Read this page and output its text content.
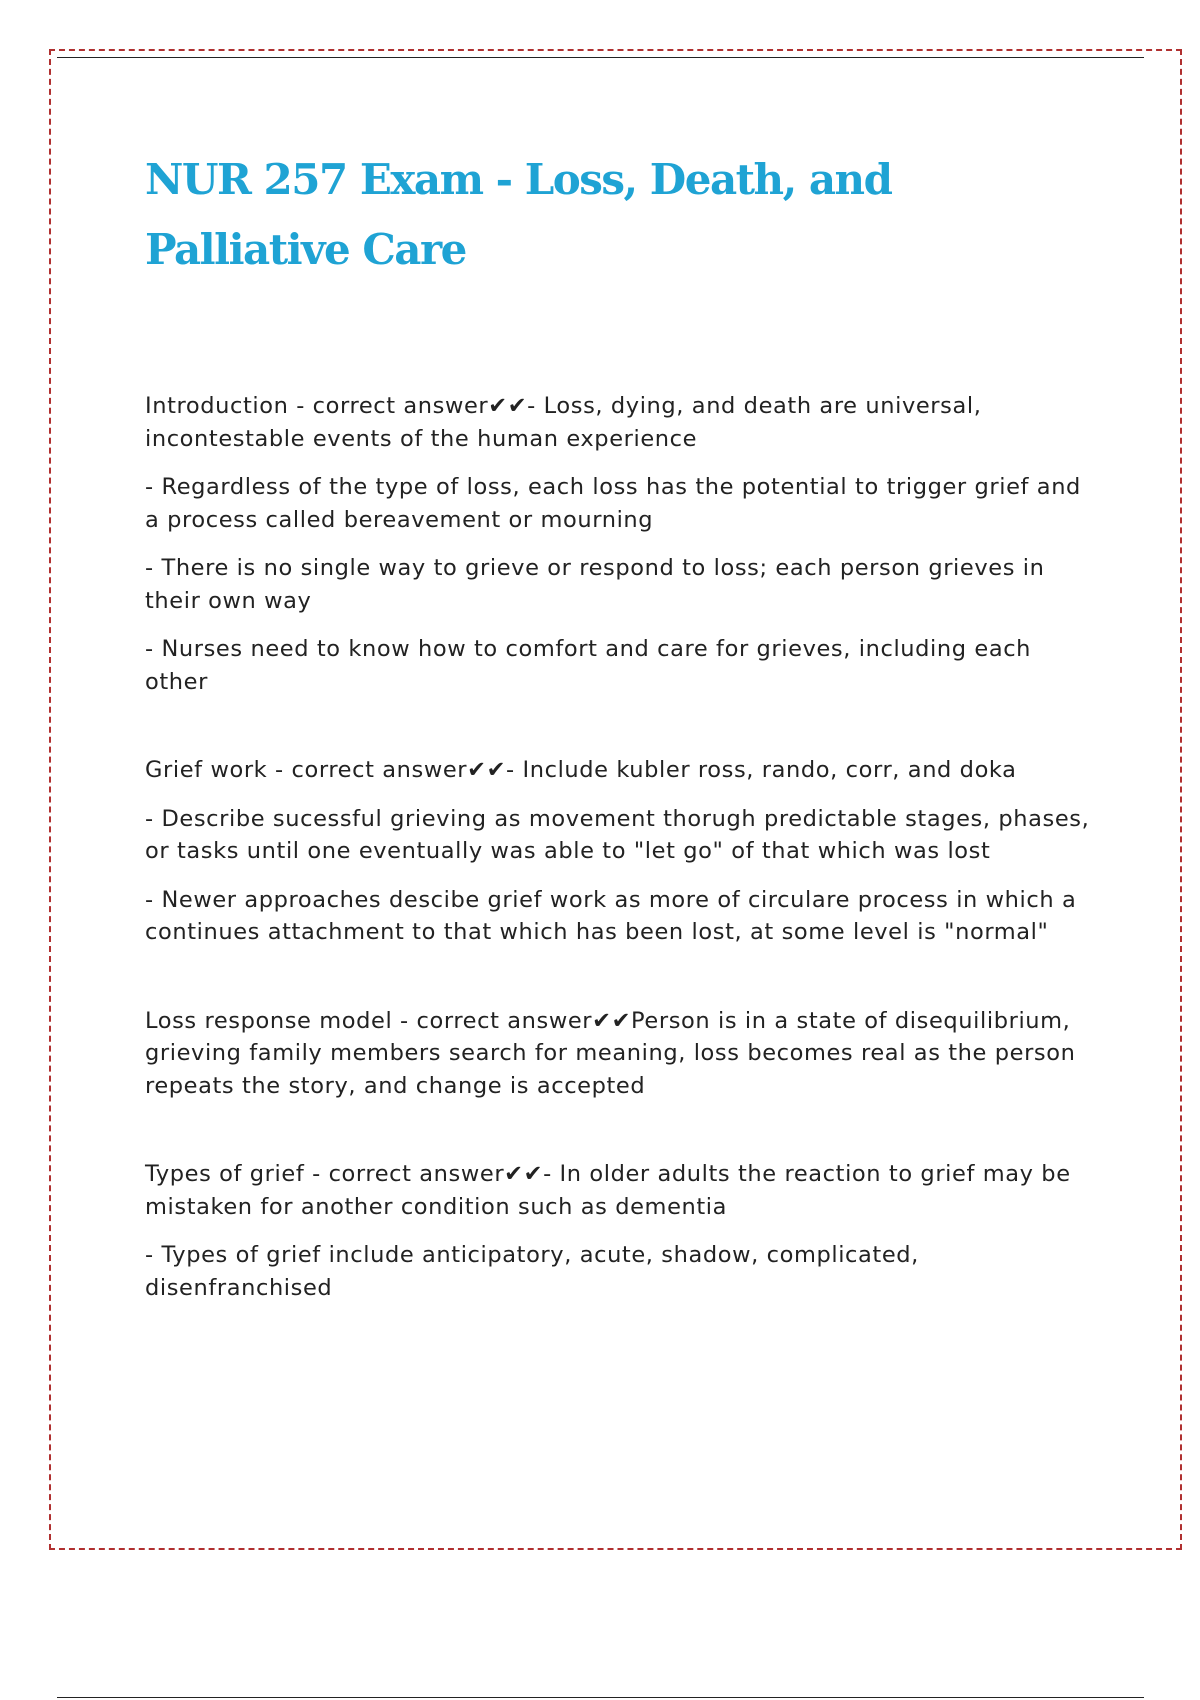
NUR 257 Exam - Loss, Death, and Palliative Care

Introduction - correct answer✔✔- Loss, dying, and death are universal, incontestable events of the human experience

- Regardless of the type of loss, each loss has the potential to trigger grief and a process called bereavement or mourning

- There is no single way to grieve or respond to loss; each person grieves in their own way

- Nurses need to know how to comfort and care for grieves, including each other

Grief work - correct answer✔✔- Include kubler ross, rando, corr, and doka

- Describe sucessful grieving as movement thorugh predictable stages, phases, or tasks until one eventually was able to "let go" of that which was lost

- Newer approaches descibe grief work as more of circulare process in which a continues attachment to that which has been lost, at some level is "normal"

Loss response model - correct answer✔✔Person is in a state of disequilibrium, grieving family members search for meaning, loss becomes real as the person repeats the story, and change is accepted

Types of grief - correct answer✔✔- In older adults the reaction to grief may be mistaken for another condition such as dementia

- Types of grief include anticipatory, acute, shadow, complicated, disenfranchised
